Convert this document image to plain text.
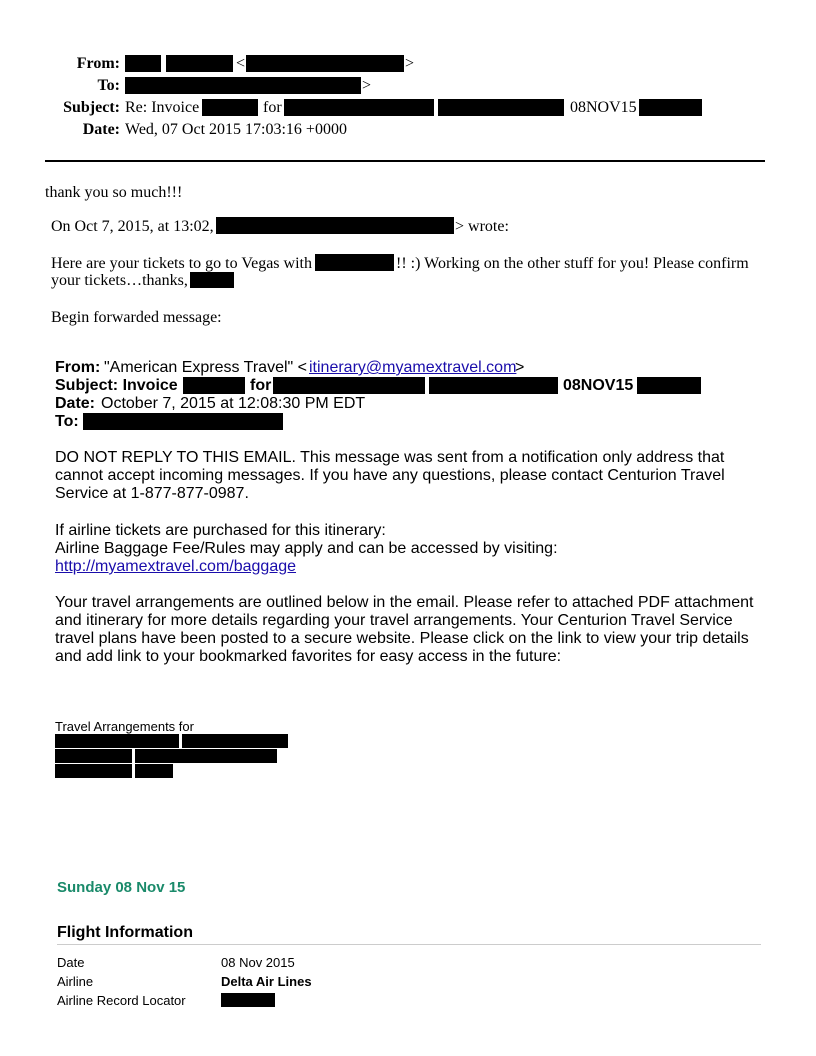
From:	<	>
To:	>
Subject: Re: Invoice	for	08NOV15
Date: Wed, 07 Oct 2015 17:03:16 +0000
thank you so much!!!
On Oct 7, 2015, at 13:02,	> wrote:
Here are your tickets to go to Vegas with	!! :) Working on the other stuff for you! Please confirm
your tickets…thanks,
Begin forwarded message:
From: "American Express Travel" < itinerary@myamextravel.com
>
Subject: Invoice	for	08NOV15
Date: October 7, 2015 at 12:08:30 PM EDT
To:
DO NOT REPLY TO THIS EMAIL. This message was sent from a notification only address that
cannot accept incoming messages. If you have any questions, please contact Centurion Travel
Service at 1-877-877-0987.
If airline tickets are purchased for this itinerary:
Airline Baggage Fee/Rules may apply and can be accessed by visiting:
http://myamextravel.com/baggage
Your travel arrangements are outlined below in the email. Please refer to attached PDF attachment
and itinerary for more details regarding your travel arrangements. Your Centurion Travel Service
travel plans have been posted to a secure website. Please click on the link to view your trip details
and add link to your bookmarked favorites for easy access in the future:
Travel Arrangements for
Sunday 08 Nov 15
Flight Information
Date	08 Nov 2015
Airline	Delta Air Lines
Airline Record Locator
